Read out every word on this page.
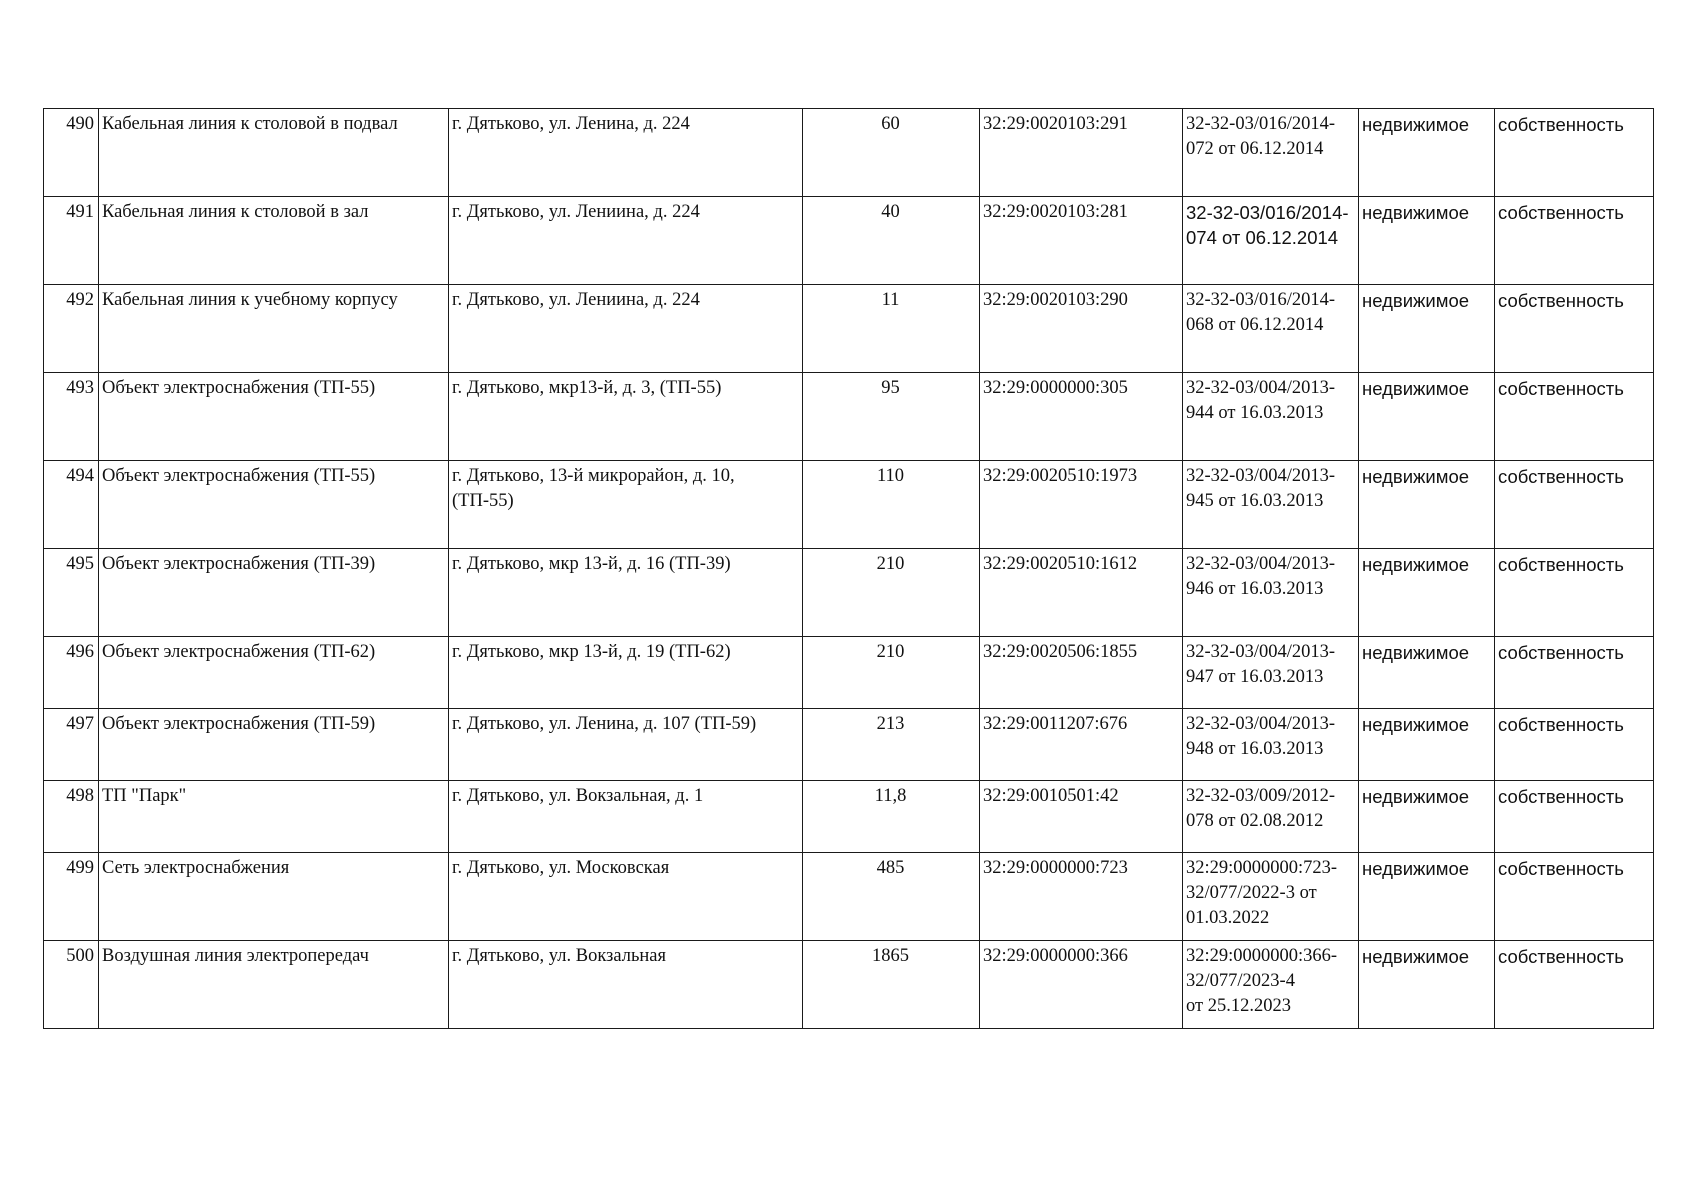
490	Кабельная линия к столовой в подвал	г. Дятьково, ул. Ленина, д. 224	60	32:29:0020103:291	32-32-03/016/2014-
072 от 06.12.2014	недвижимое	собственность
491	Кабельная линия к столовой в зал	г. Дятьково, ул. Лениина, д. 224	40	32:29:0020103:281	32-32-03/016/2014-
074 от 06.12.2014	недвижимое	собственность
492	Кабельная линия к учебному корпусу	г. Дятьково, ул. Лениина, д. 224	11	32:29:0020103:290	32-32-03/016/2014-
068 от 06.12.2014	недвижимое	собственность
493	Объект электроснабжения (ТП-55)	г. Дятьково, мкр13-й, д. 3, (ТП-55)	95	32:29:0000000:305	32-32-03/004/2013-
944 от 16.03.2013	недвижимое	собственность
494	Объект электроснабжения (ТП-55)	г. Дятьково, 13-й микрорайон, д. 10, (ТП-55)	110	32:29:0020510:1973	32-32-03/004/2013-
945 от 16.03.2013	недвижимое	собственность
495	Объект электроснабжения (ТП-39)	г. Дятьково, мкр 13-й, д. 16 (ТП-39)	210	32:29:0020510:1612	32-32-03/004/2013-
946 от 16.03.2013	недвижимое	собственность
496	Объект электроснабжения (ТП-62)	г. Дятьково, мкр 13-й, д. 19 (ТП-62)	210	32:29:0020506:1855	32-32-03/004/2013-
947 от 16.03.2013	недвижимое	собственность
497	Объект электроснабжения (ТП-59)	г. Дятьково, ул. Ленина, д. 107 (ТП-59)	213	32:29:0011207:676	32-32-03/004/2013-
948 от 16.03.2013	недвижимое	собственность
498	ТП "Парк"	г. Дятьково, ул. Вокзальная, д. 1	11,8	32:29:0010501:42	32-32-03/009/2012-
078 от 02.08.2012	недвижимое	собственность
499	Сеть электроснабжения	г. Дятьково, ул. Московская	485	32:29:0000000:723	32:29:0000000:723-
32/077/2022-3 от
01.03.2022	недвижимое	собственность
500	Воздушная линия электропередач	г. Дятьково, ул. Вокзальная	1865	32:29:0000000:366	32:29:0000000:366-
32/077/2023-4
от 25.12.2023	недвижимое	собственность
